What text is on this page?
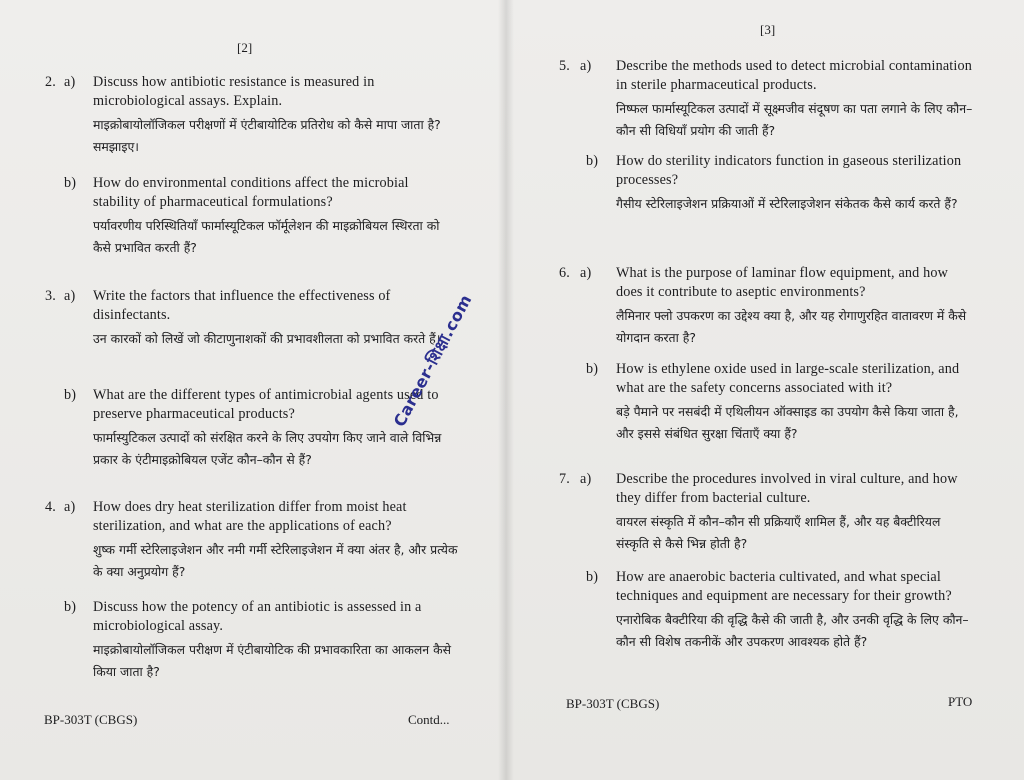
[2]
2. a)	Discuss how antibiotic resistance is measured in microbiological assays. Explain.
माइक्रोबायोलॉजिकल परीक्षणों में एंटीबायोटिक प्रतिरोध को कैसे मापा जाता है? समझाइए।
b)	How do environmental conditions affect the microbial stability of pharmaceutical formulations?
पर्यावरणीय परिस्थितियाँ फार्मास्यूटिकल फॉर्मूलेशन की माइक्रोबियल स्थिरता को कैसे प्रभावित करती हैं?
3. a)	Write the factors that influence the effectiveness of disinfectants.
उन कारकों को लिखें जो कीटाणुनाशकों की प्रभावशीलता को प्रभावित करते हैं।
b)	What are the different types of antimicrobial agents used to preserve pharmaceutical products?
फार्मास्युटिकल उत्पादों को संरक्षित करने के लिए उपयोग किए जाने वाले विभिन्न प्रकार के एंटीमाइक्रोबियल एजेंट कौन–कौन से हैं?
4. a)	How does dry heat sterilization differ from moist heat sterilization, and what are the applications of each?
शुष्क गर्मी स्टेरिलाइजेशन और नमी गर्मी स्टेरिलाइजेशन में क्या अंतर है, और प्रत्येक के क्या अनुप्रयोग हैं?
b)	Discuss how the potency of an antibiotic is assessed in a microbiological assay.
माइक्रोबायोलॉजिकल परीक्षण में एंटीबायोटिक की प्रभावकारिता का आकलन कैसे किया जाता है?
BP-303T (CBGS)	Contd...
[3]
5. a)	Describe the methods used to detect microbial contamination in sterile pharmaceutical products.
निष्फल फार्मास्यूटिकल उत्पादों में सूक्ष्मजीव संदूषण का पता लगाने के लिए कौन–कौन सी विधियाँ प्रयोग की जाती हैं?
b)	How do sterility indicators function in gaseous sterilization processes?
गैसीय स्टेरिलाइजेशन प्रक्रियाओं में स्टेरिलाइजेशन संकेतक कैसे कार्य करते हैं?
6. a)	What is the purpose of laminar flow equipment, and how does it contribute to aseptic environments?
लैमिनार फ्लो उपकरण का उद्देश्य क्या है, और यह रोगाणुरहित वातावरण में कैसे योगदान करता है?
b)	How is ethylene oxide used in large-scale sterilization, and what are the safety concerns associated with it?
बड़े पैमाने पर नसबंदी में एथिलीयन ऑक्साइड का उपयोग कैसे किया जाता है, और इससे संबंधित सुरक्षा चिंताएँ क्या हैं?
7. a)	Describe the procedures involved in viral culture, and how they differ from bacterial culture.
वायरल संस्कृति में कौन–कौन सी प्रक्रियाएँ शामिल हैं, और यह बैक्टीरियल संस्कृति से कैसे भिन्न होती है?
b)	How are anaerobic bacteria cultivated, and what special techniques and equipment are necessary for their growth?
एनारोबिक बैक्टीरिया की वृद्धि कैसे की जाती है, और उनकी वृद्धि के लिए कौन–कौन सी विशेष तकनीकें और उपकरण आवश्यक होते हैं?
BP-303T (CBGS)	PTO
Career-शिक्षा.com
